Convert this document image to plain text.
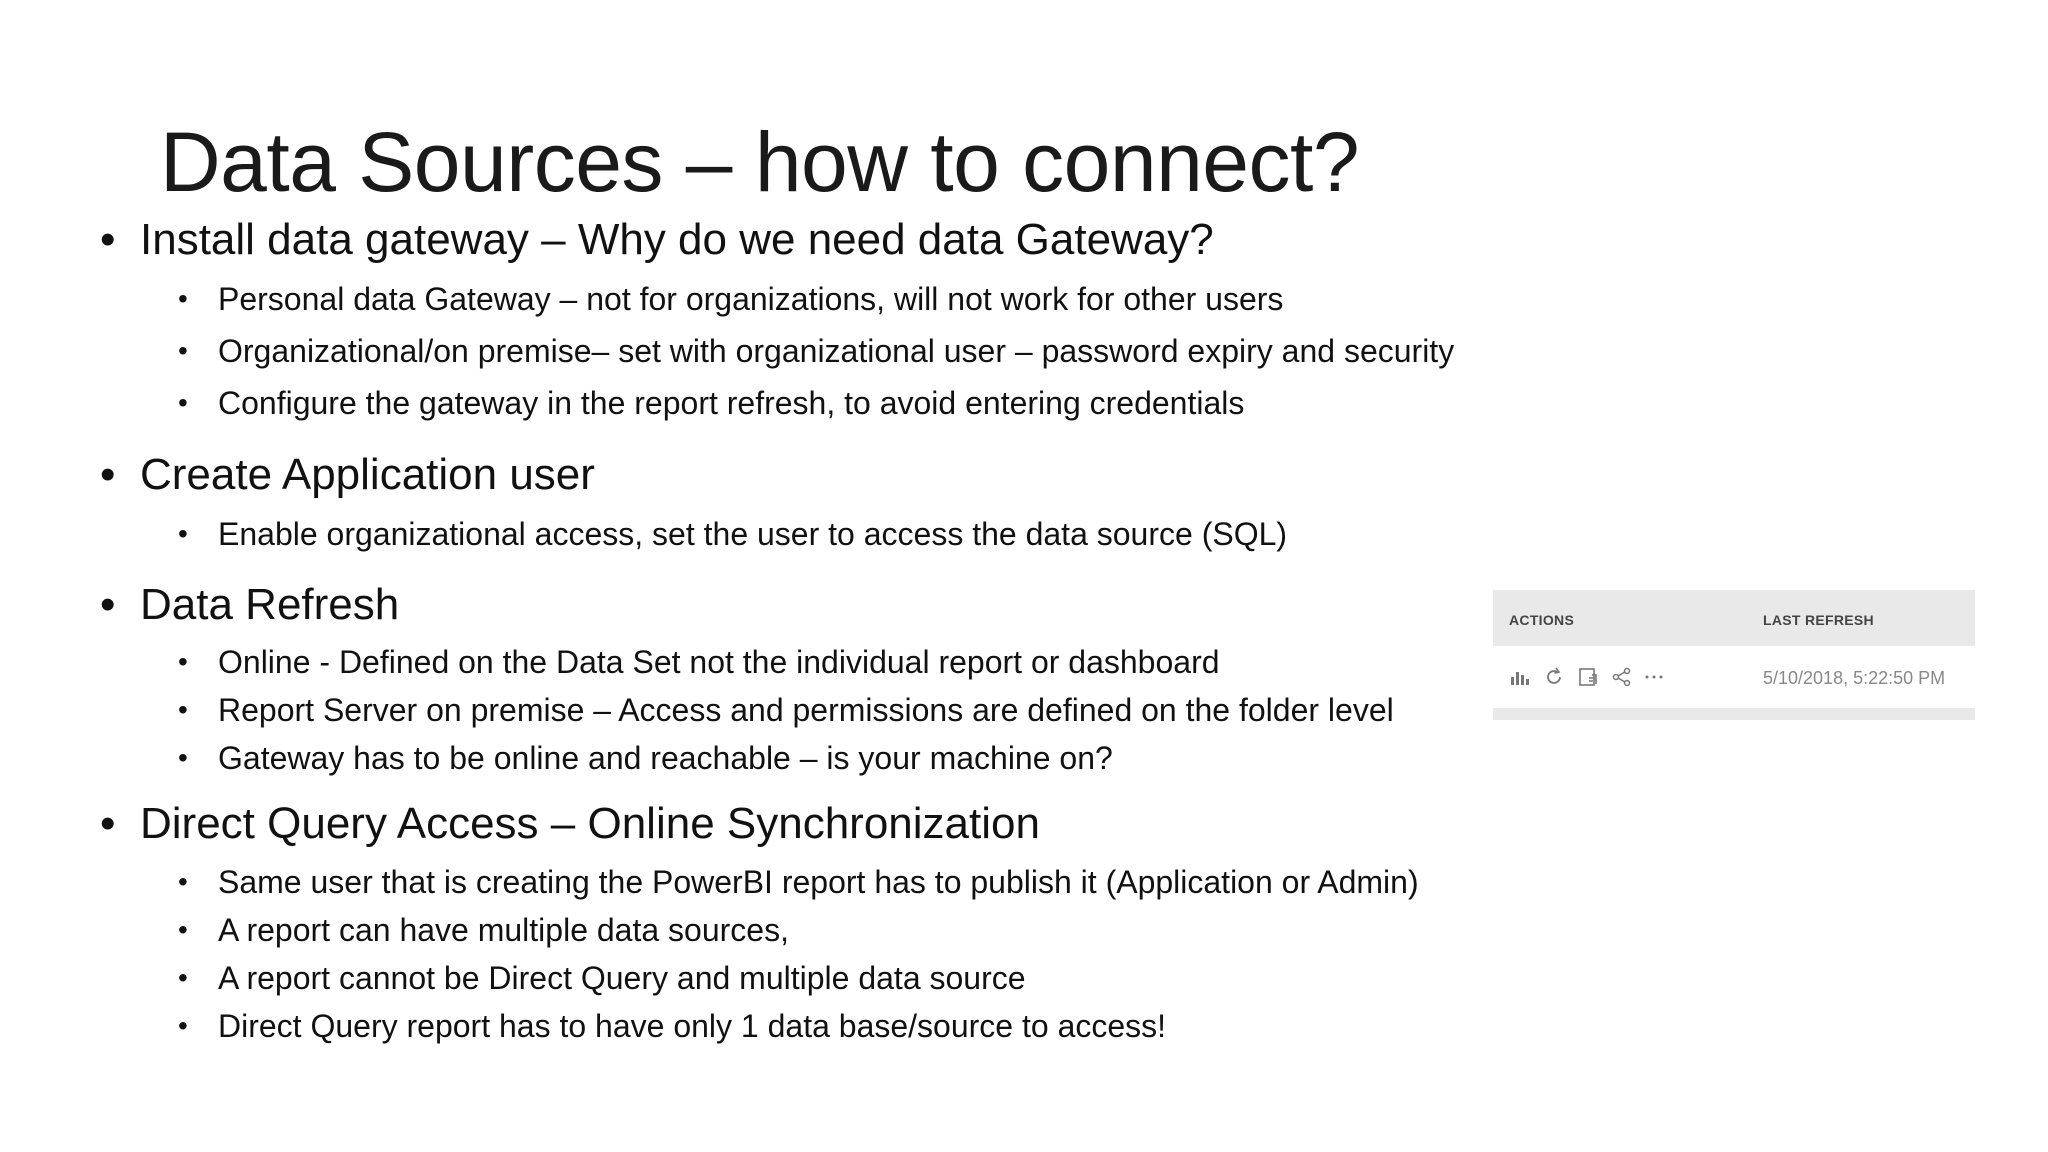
Data Sources – how to connect?
• Install data gateway – Why do we need data Gateway?
• Personal data Gateway – not for organizations, will not work for other users
• Organizational/on premise– set with organizational user – password expiry and security
• Configure the gateway in the report refresh, to avoid entering credentials
• Create Application user
• Enable organizational access, set the user to access the data source (SQL)
• Data Refresh
• Online - Defined on the Data Set not the individual report or dashboard
• Report Server on premise – Access and permissions are defined on the folder level
• Gateway has to be online and reachable – is your machine on?
• Direct Query Access – Online Synchronization
• Same user that is creating the PowerBI report has to publish it (Application or Admin)
• A report can have multiple data sources,
• A report cannot be Direct Query and multiple data source
• Direct Query report has to have only 1 data base/source to access!
ACTIONS	LAST REFRESH
5/10/2018, 5:22:50 PM
